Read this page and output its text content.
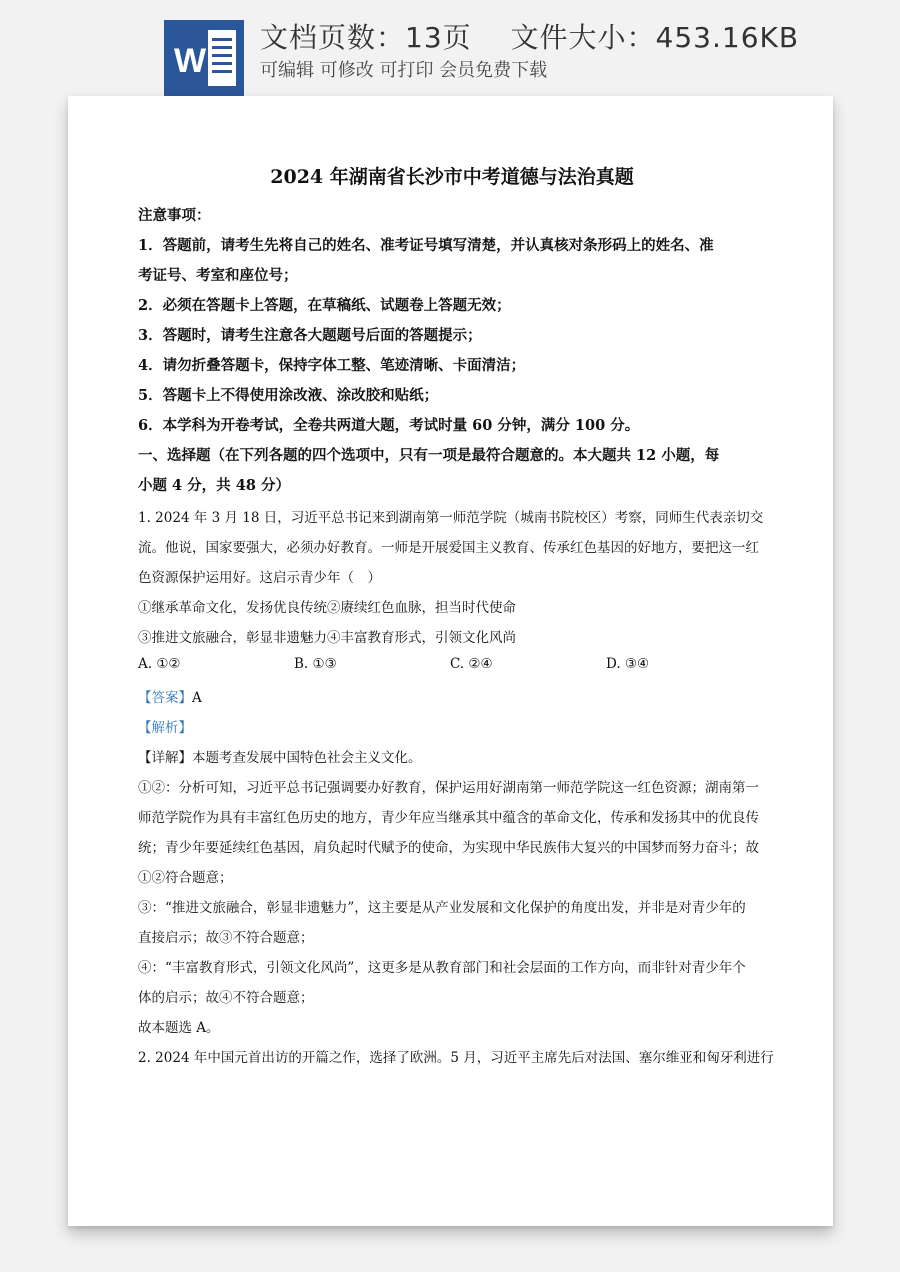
W
文档页数：13页　 文件大小：453.16KB
可编辑 可修改 可打印 会员免费下载
2024 年湖南省长沙市中考道德与法治真题
注意事项：
1．答题前，请考生先将自己的姓名、准考证号填写清楚，并认真核对条形码上的姓名、准
考证号、考室和座位号；
2．必须在答题卡上答题，在草稿纸、试题卷上答题无效；
3．答题时，请考生注意各大题题号后面的答题提示；
4．请勿折叠答题卡，保持字体工整、笔迹清晰、卡面清洁；
5．答题卡上不得使用涂改液、涂改胶和贴纸；
6．本学科为开卷考试，全卷共两道大题，考试时量 60 分钟，满分 100 分。
一、选择题（在下列各题的四个选项中，只有一项是最符合题意的。本大题共 12 小题，每
小题 4 分，共 48 分）
1. 2024 年 3 月 18 日，习近平总书记来到湖南第一师范学院（城南书院校区）考察，同师生代表亲切交
流。他说，国家要强大，必须办好教育。一师是开展爱国主义教育、传承红色基因的好地方，要把这一红
色资源保护运用好。这启示青少年（　）
①继承革命文化，发扬优良传统②赓续红色血脉，担当时代使命
③推进文旅融合，彰显非遗魅力④丰富教育形式，引领文化风尚
A. ①②	B. ①③	C. ②④	D. ③④
【答案】A
【解析】
【详解】本题考查发展中国特色社会主义文化。
①②：分析可知，习近平总书记强调要办好教育，保护运用好湖南第一师范学院这一红色资源；湖南第一
师范学院作为具有丰富红色历史的地方，青少年应当继承其中蕴含的革命文化，传承和发扬其中的优良传
统；青少年要延续红色基因，肩负起时代赋予的使命，为实现中华民族伟大复兴的中国梦而努力奋斗；故
①②符合题意；
③：“推进文旅融合，彰显非遗魅力”，这主要是从产业发展和文化保护的角度出发，并非是对青少年的
直接启示；故③不符合题意；
④：“丰富教育形式，引领文化风尚”，这更多是从教育部门和社会层面的工作方向，而非针对青少年个
体的启示；故④不符合题意；
故本题选 A。
2. 2024 年中国元首出访的开篇之作，选择了欧洲。5 月，习近平主席先后对法国、塞尔维亚和匈牙利进行
